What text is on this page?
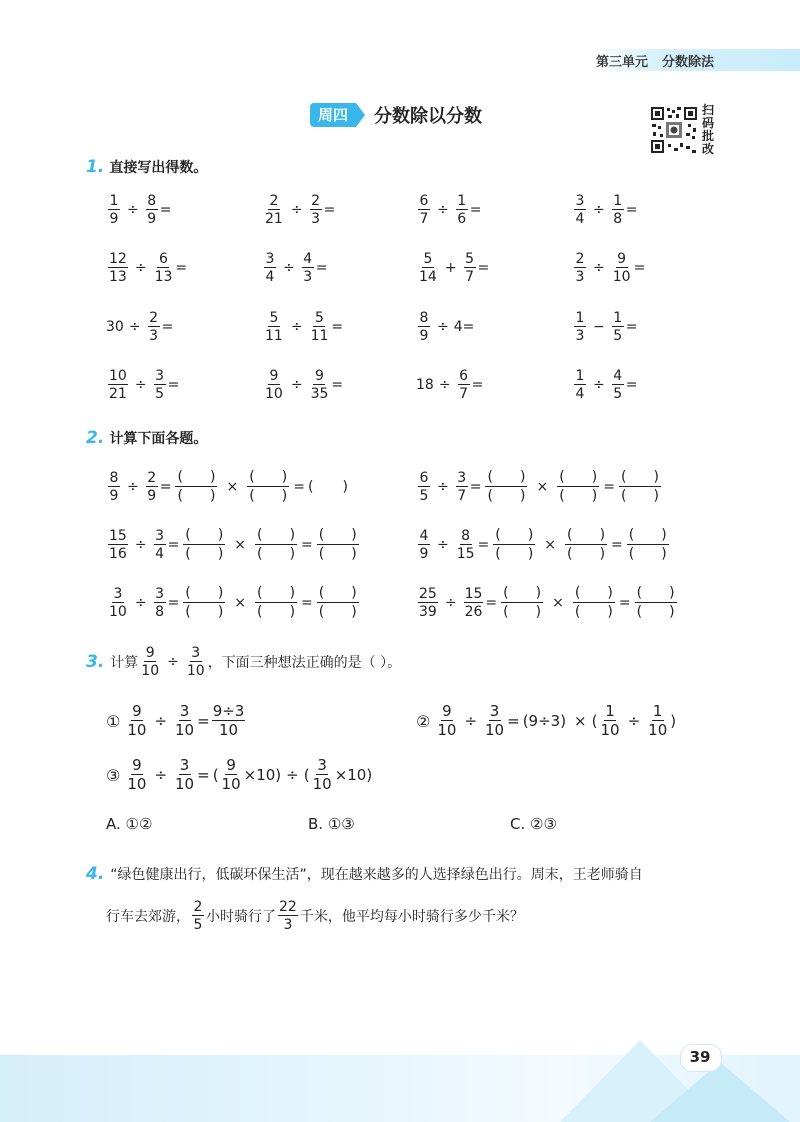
第三单元 分数除法
周四	分数除以分数	扫码批改
1. 直接写出得数。
$\frac{1}{9} \div \frac{8}{9}$ =	$\frac{2}{21} \div \frac{2}{3}$ =	$\frac{6}{7} \div \frac{1}{6}$ =	$\frac{3}{4} \div \frac{1}{8}$ =
$\frac{12}{13} \div \frac{6}{13}$ =	$\frac{3}{4} \div \frac{4}{3}$ =	$\frac{5}{14} + \frac{5}{7}$ =	$\frac{2}{3} \div \frac{9}{10}$ =
$30 \div \frac{2}{3}$ =	$\frac{5}{11} \div \frac{5}{11}$ =	$\frac{8}{9} \div 4$ =	$\frac{1}{3} - \frac{1}{5}$ =
$\frac{10}{21} \div \frac{3}{5}$ =	$\frac{9}{10} \div \frac{9}{35}$ =	$18 \div \frac{6}{7}$ =	$\frac{1}{4} \div \frac{4}{5}$ =
2. 计算下面各题。
$\frac{8}{9} \div \frac{2}{9} = \frac{( )}{( )} \times \frac{( )}{( )}$ = ( )	$\frac{6}{5} \div \frac{3}{7} = \frac{( )}{( )} \times \frac{( )}{( )} = \frac{( )}{( )}$
$\frac{15}{16} \div \frac{3}{4} = \frac{( )}{( )} \times \frac{( )}{( )} = \frac{( )}{( )}$	$\frac{4}{9} \div \frac{8}{15} = \frac{( )}{( )} \times \frac{( )}{( )} = \frac{( )}{( )}$
$\frac{3}{10} \div \frac{3}{8} = \frac{( )}{( )} \times \frac{( )}{( )} = \frac{( )}{( )}$	$\frac{25}{39} \div \frac{15}{26} = \frac{( )}{( )} \times \frac{( )}{( )} = \frac{( )}{( )}$
3. 计算 $\frac{9}{10} \div \frac{3}{10}$ ，下面三种想法正确的是（ ）。
① $\frac{9}{10} \div \frac{3}{10} = \frac{9\div 3}{10}$	② $\frac{9}{10} \div \frac{3}{10} = (9\div 3)$ × ( $\frac{1}{10} \div \frac{1}{10}$ )
③ $\frac{9}{10} \div \frac{3}{10}$ = ( $\frac{9}{10} \times 10$ ) ÷ ( $\frac{3}{10} \times 10$ )
A. ①②	B. ①③	C. ②③
4. “绿色健康出行，低碳环保生活”，现在越来越多的人选择绿色出行。周末，王老师骑自
行车去郊游， $\frac{2}{5}$ 小时骑行了 $\frac{22}{3}$ 千米，他平均每小时骑行多少千米？
39
